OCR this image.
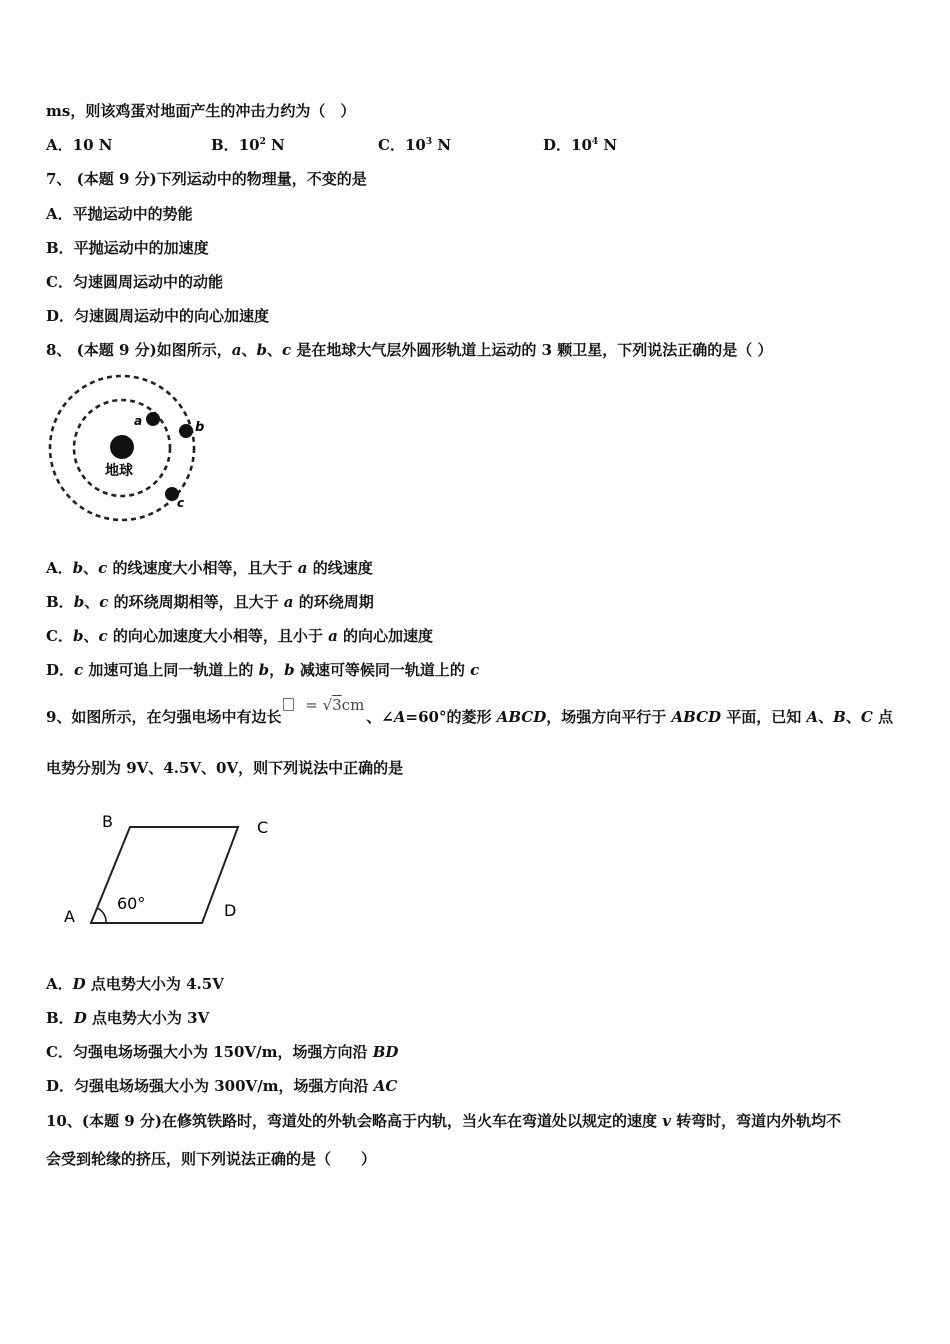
ms，则该鸡蛋对地面产生的冲击力约为（　）
A．10 N	B．$10^2$ N	C．$10^3$ N	D．$10^4$ N
7、 (本题 9 分)下列运动中的物理量，不变的是
A．平抛运动中的势能
B．平抛运动中的加速度
C．匀速圆周运动中的动能
D．匀速圆周运动中的向心加速度
8、 (本题 9 分)如图所示，a、b、c 是在地球大气层外圆形轨道上运动的 3 颗卫星，下列说法正确的是（ ）
地球
a	b
c
A．b、c 的线速度大小相等，且大于 a 的线速度
B．b、c 的环绕周期相等，且大于 a 的环绕周期
C．b、c 的向心加速度大小相等，且小于 a 的向心加速度
D．c 加速可追上同一轨道上的 b，b 减速可等候同一轨道上的 c
9、如图所示，在匀强电场中有边长 = √3cm、∠A=60°的菱形 ABCD，场强方向平行于 ABCD 平面，已知 A、B、C 点
电势分别为 9V、4.5V、0V，则下列说法中正确的是
B	C
A	D
60°
A．D 点电势大小为 4.5V
B．D 点电势大小为 3V
C．匀强电场场强大小为 150V/m，场强方向沿 BD
D．匀强电场场强大小为 300V/m，场强方向沿 AC
10、(本题 9 分)在修筑铁路时，弯道处的外轨会略高于内轨，当火车在弯道处以规定的速度 v 转弯时，弯道内外轨均不
会受到轮缘的挤压，则下列说法正确的是（　　）
